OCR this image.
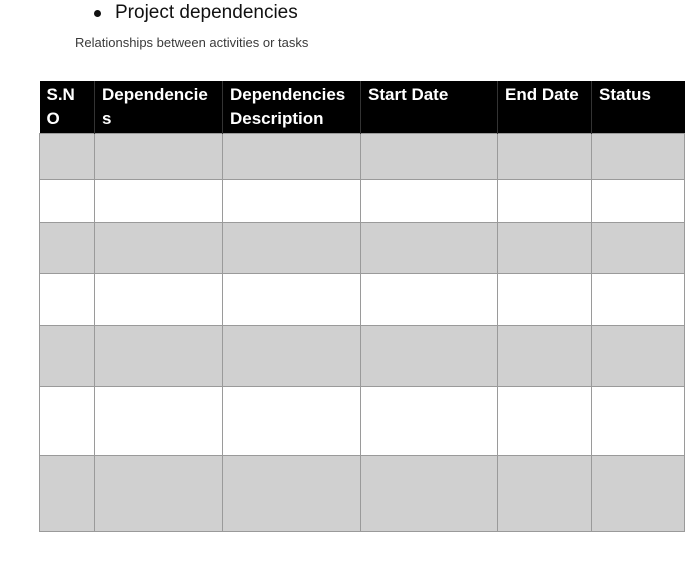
Project dependencies
Relationships between activities or tasks
S.NO	Dependencies	Dependencies Description	Start Date	End Date	Status
